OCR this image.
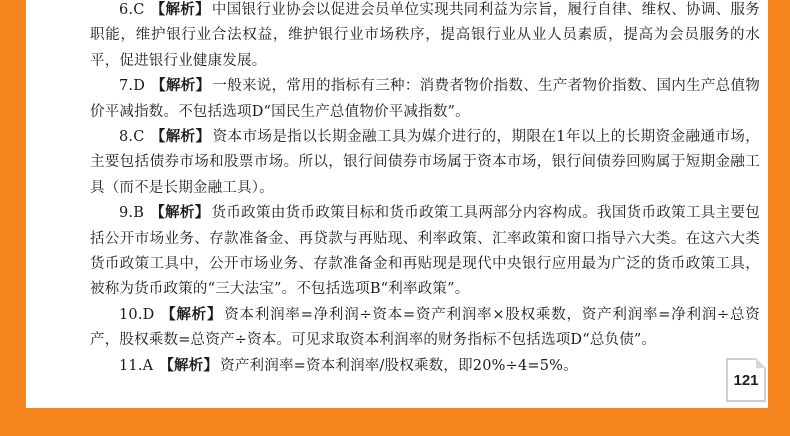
6.C 【解析】 中国银行业协会以促进会员单位实现共同利益为宗旨，履行自律、维权、协调、服务职能，维护银行业合法权益，维护银行业市场秩序，提高银行业从业人员素质，提高为会员服务的水平，促进银行业健康发展。

7.D 【解析】 一般来说，常用的指标有三种：消费者物价指数、生产者物价指数、国内生产总值物价平减指数。不包括选项D“国民生产总值物价平减指数”。

8.C 【解析】 资本市场是指以长期金融工具为媒介进行的，期限在1年以上的长期资金融通市场，主要包括债券市场和股票市场。所以，银行间债券市场属于资本市场，银行间债券回购属于短期金融工具（而不是长期金融工具）。

9.B 【解析】 货币政策由货币政策目标和货币政策工具两部分内容构成。我国货币政策工具主要包括公开市场业务、存款准备金、再贷款与再贴现、利率政策、汇率政策和窗口指导六大类。在这六大类货币政策工具中，公开市场业务、存款准备金和再贴现是现代中央银行应用最为广泛的货币政策工具，被称为货币政策的“三大法宝”。不包括选项B“利率政策”。

10.D 【解析】 资本利润率=净利润÷资本=资产利润率×股权乘数，资产利润率=净利润÷总资产，股权乘数=总资产÷资本。可见求取资本利润率的财务指标不包括选项D“总负债”。

11.A 【解析】 资产利润率=资本利润率/股权乘数，即20%÷4=5%。

121
